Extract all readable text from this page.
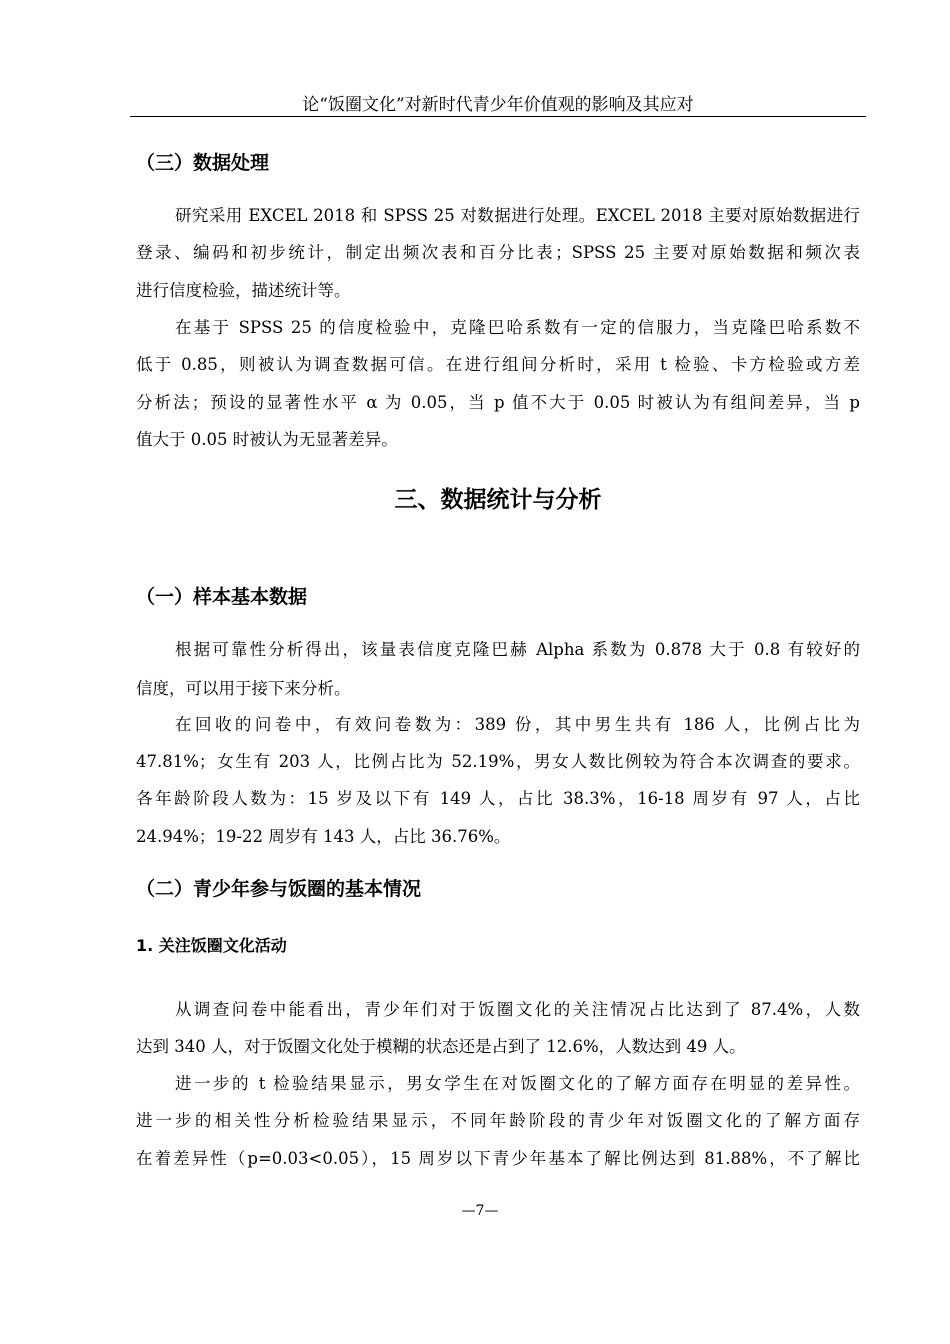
论“饭圈文化”对新时代青少年价值观的影响及其应对
（三）数据处理
研究采用 EXCEL 2018 和 SPSS 25 对数据进行处理。EXCEL 2018 主要对原始数据进行
登录、编码和初步统计，制定出频次表和百分比表；SPSS 25 主要对原始数据和频次表
进行信度检验，描述统计等。
在基于 SPSS 25 的信度检验中，克隆巴哈系数有一定的信服力，当克隆巴哈系数不
低于 0.85，则被认为调查数据可信。在进行组间分析时，采用 t 检验、卡方检验或方差
分析法；预设的显著性水平 α 为 0.05，当 p 值不大于 0.05 时被认为有组间差异，当 p
值大于 0.05 时被认为无显著差异。
三、数据统计与分析
（一）样本基本数据
根据可靠性分析得出，该量表信度克隆巴赫 Alpha 系数为 0.878 大于 0.8 有较好的
信度，可以用于接下来分析。
在回收的问卷中，有效问卷数为：389 份，其中男生共有 186 人，比例占比为
47.81%；女生有 203 人，比例占比为 52.19%，男女人数比例较为符合本次调查的要求。
各年龄阶段人数为：15 岁及以下有 149 人，占比 38.3%，16-18 周岁有 97 人，占比
24.94%；19-22 周岁有 143 人，占比 36.76%。
（二）青少年参与饭圈的基本情况
1. 关注饭圈文化活动
从调查问卷中能看出，青少年们对于饭圈文化的关注情况占比达到了 87.4%，人数
达到 340 人，对于饭圈文化处于模糊的状态还是占到了 12.6%，人数达到 49 人。
进一步的 t 检验结果显示，男女学生在对饭圈文化的了解方面存在明显的差异性。
进一步的相关性分析检验结果显示，不同年龄阶段的青少年对饭圈文化的了解方面存
在着差异性（p=0.03<0.05），15 周岁以下青少年基本了解比例达到 81.88%，不了解比
—7—
